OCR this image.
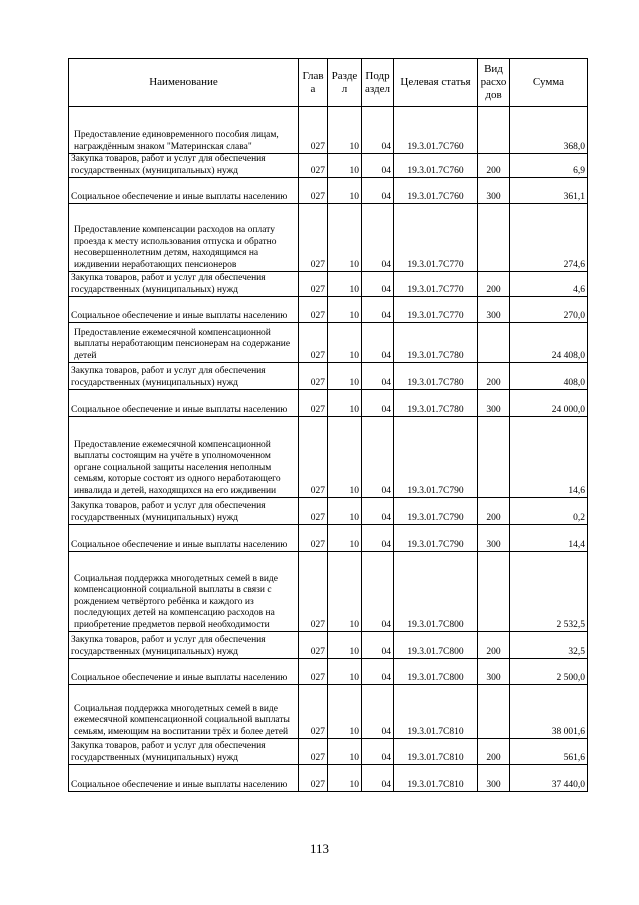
Наименование	Глав а	Разде л	Подр аздел	Целевая статья	Вид расхо дов	Сумма
Предоставление единовременного пособия лицам, награждённым знаком "Материнская слава"	027	10	04	19.3.01.7С760		368,0
Закупка товаров, работ и услуг для обеспечения государственных (муниципальных) нужд	027	10	04	19.3.01.7С760	200	6,9
Социальное обеспечение и иные выплаты населению	027	10	04	19.3.01.7С760	300	361,1
Предоставление компенсации расходов на оплату проезда к месту использования отпуска и обратно несовершеннолетним детям, находящимся на иждивении неработающих пенсионеров	027	10	04	19.3.01.7С770		274,6
Закупка товаров, работ и услуг для обеспечения государственных (муниципальных) нужд	027	10	04	19.3.01.7С770	200	4,6
Социальное обеспечение и иные выплаты населению	027	10	04	19.3.01.7С770	300	270,0
Предоставление ежемесячной компенсационной выплаты неработающим пенсионерам на содержание детей	027	10	04	19.3.01.7С780		24 408,0
Закупка товаров, работ и услуг для обеспечения государственных (муниципальных) нужд	027	10	04	19.3.01.7С780	200	408,0
Социальное обеспечение и иные выплаты населению	027	10	04	19.3.01.7С780	300	24 000,0
Предоставление ежемесячной компенсационной выплаты состоящим на учёте в уполномоченном органе социальной защиты населения неполным семьям, которые состоят из одного неработающего инвалида и детей, находящихся на его иждивении	027	10	04	19.3.01.7С790		14,6
Закупка товаров, работ и услуг для обеспечения государственных (муниципальных) нужд	027	10	04	19.3.01.7С790	200	0,2
Социальное обеспечение и иные выплаты населению	027	10	04	19.3.01.7С790	300	14,4
Социальная поддержка многодетных семей в виде компенсационной социальной выплаты в связи с рождением четвёртого ребёнка и каждого из последующих детей на компенсацию расходов на приобретение предметов первой необходимости	027	10	04	19.3.01.7С800		2 532,5
Закупка товаров, работ и услуг для обеспечения государственных (муниципальных) нужд	027	10	04	19.3.01.7С800	200	32,5
Социальное обеспечение и иные выплаты населению	027	10	04	19.3.01.7С800	300	2 500,0
Социальная поддержка многодетных семей в виде ежемесячной компенсационной социальной выплаты семьям, имеющим на воспитании трёх и более детей	027	10	04	19.3.01.7С810		38 001,6
Закупка товаров, работ и услуг для обеспечения государственных (муниципальных) нужд	027	10	04	19.3.01.7С810	200	561,6
Социальное обеспечение и иные выплаты населению	027	10	04	19.3.01.7С810	300	37 440,0
113
